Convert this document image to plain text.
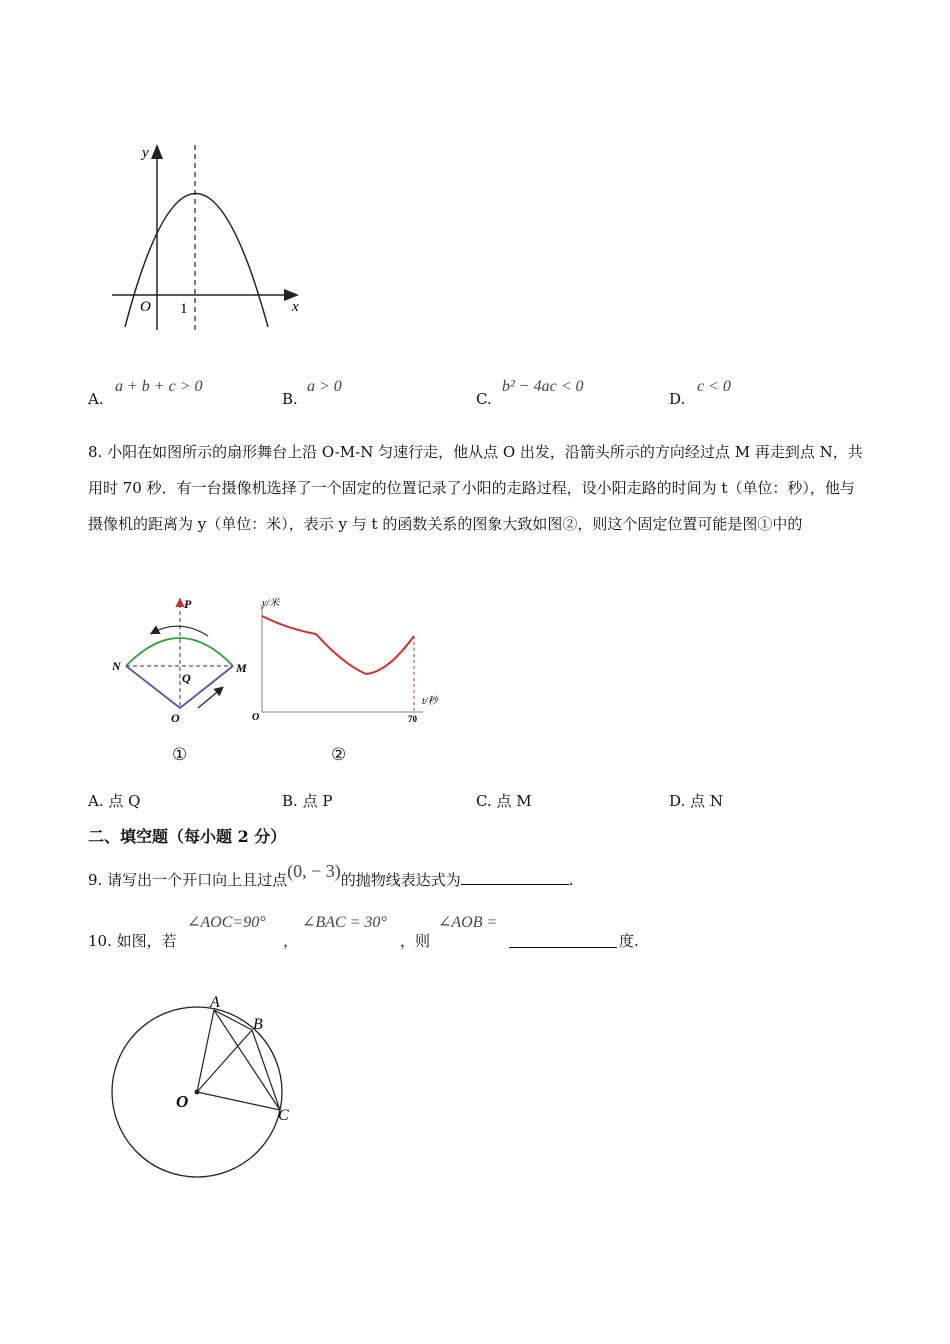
y
x
O 1
A.
a + b + c > 0
B.
a > 0
C.
b² − 4ac < 0
D.
c < 0
8. 小阳在如图所示的扇形舞台上沿 O-M-N 匀速行走，他从点 O 出发，沿箭头所示的方向经过点 M 再走到点 N，共用时 70 秒．有一台摄像机选择了一个固定的位置记录了小阳的走路过程，设小阳走路的时间为 t（单位：秒），他与摄像机的距离为 y（单位：米），表示 y 与 t 的函数关系的图象大致如图②，则这个固定位置可能是图①中的
P
N	M
Q
O
y/米
t/秒
O	70
①	②
A. 点 Q	B. 点 P	C. 点 M	D. 点 N
二、填空题（每小题 2 分）
9. 请写出一个开口向上且过点(0, − 3)的抛物线表达式为	.
10. 如图，若
∠AOC=90°
，
∠BAC = 30°
，则
∠AOB =
度.
A
B
O
C
